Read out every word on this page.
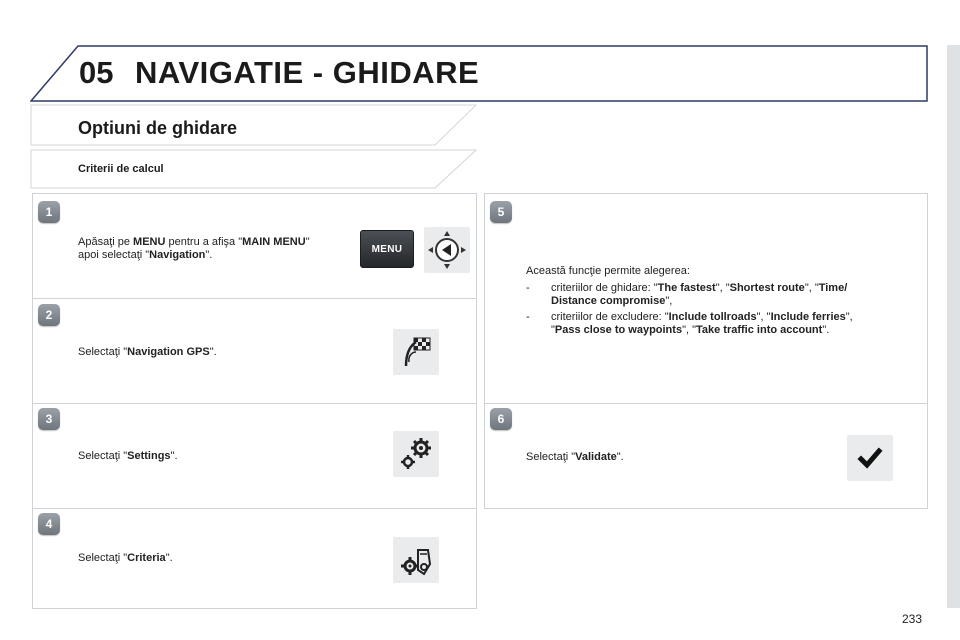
05 NAVIGATIE - GHIDARE
Optiuni de ghidare
Criterii de calcul
1
2
3
4
5
6
Apăsaţi pe MENU pentru a afişa "MAIN MENU"
apoi selectaţi "Navigation".	MENU
Selectaţi "Navigation GPS".
Selectaţi "Settings".
Selectaţi "Criteria".
Această funcţie permite alegerea:
- criteriilor de ghidare: "The fastest", "Shortest route", "Time/
Distance compromise",
- criteriilor de excludere: "Include tollroads", "Include ferries",
"Pass close to waypoints", "Take traffic into account".
Selectaţi "Validate".
233
